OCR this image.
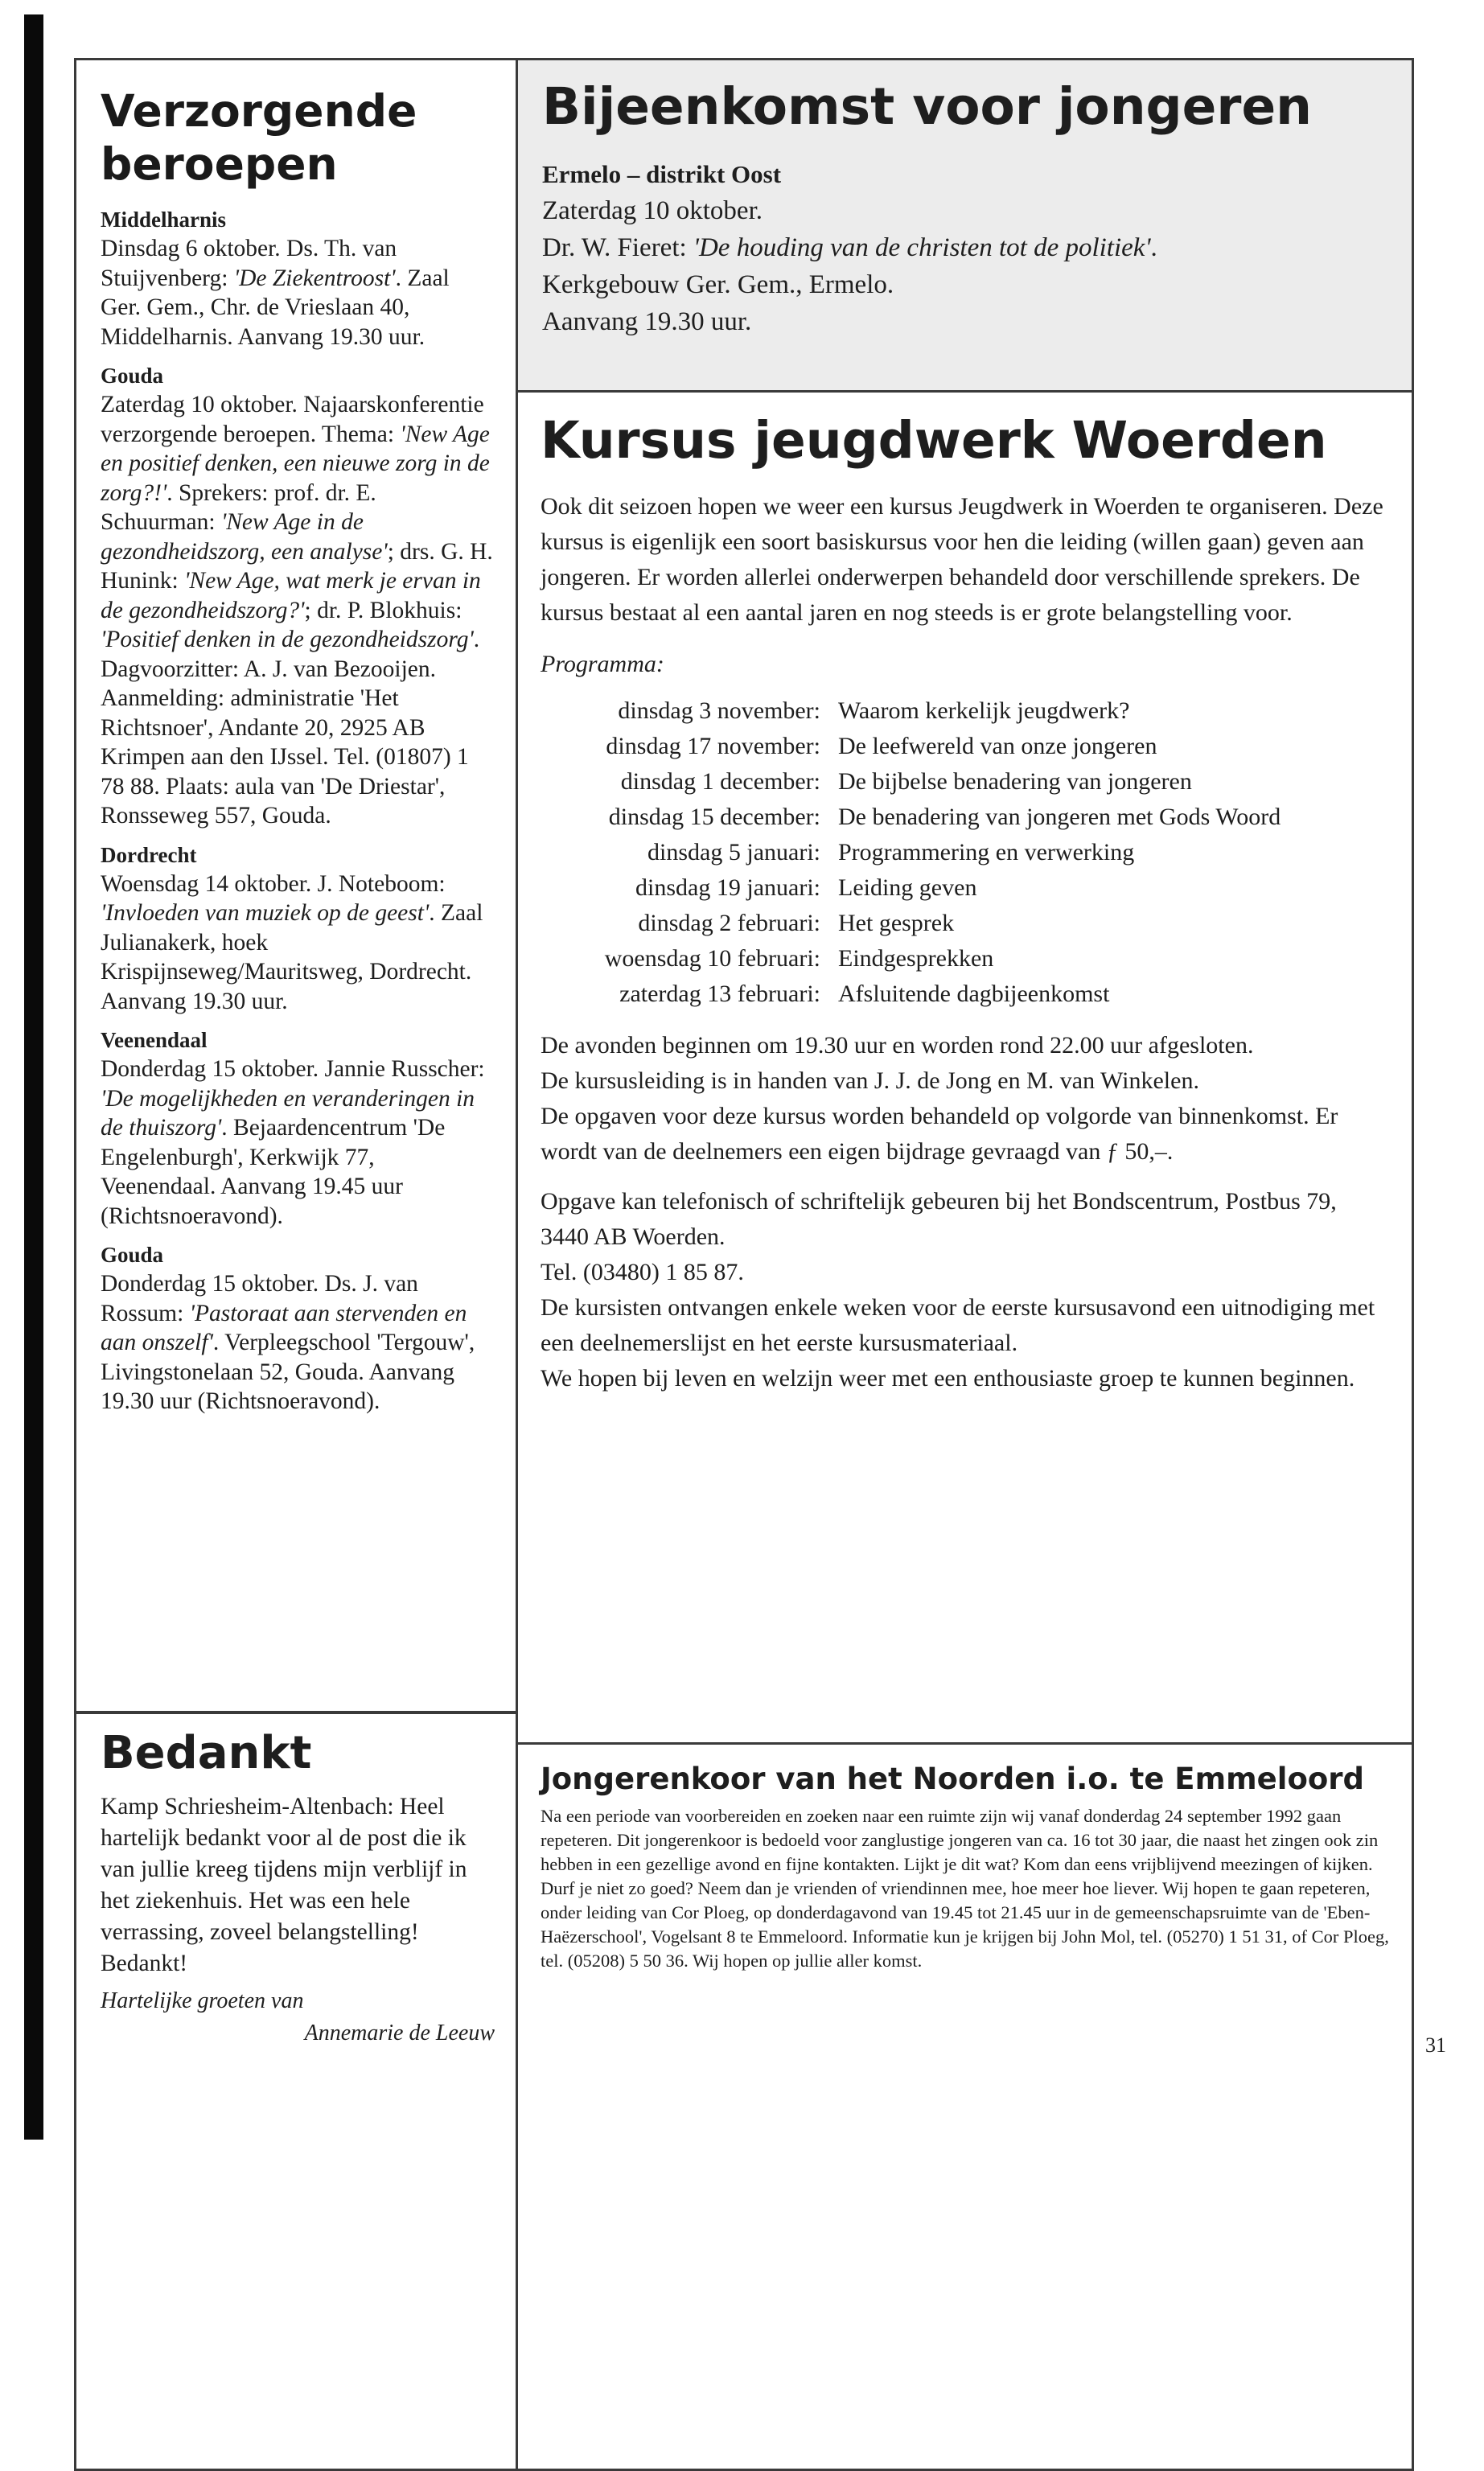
Verzorgende beroepen

Middelharnis

Dinsdag 6 oktober. Ds. Th. van Stuijvenberg: 'De Ziekentroost'. Zaal Ger. Gem., Chr. de Vrieslaan 40, Middelharnis. Aanvang 19.30 uur.

Gouda

Zaterdag 10 oktober. Najaarskonferentie verzorgende beroepen. Thema: 'New Age en positief denken, een nieuwe zorg in de zorg?!'. Sprekers: prof. dr. E. Schuurman: 'New Age in de gezondheidszorg, een analyse'; drs. G. H. Hunink: 'New Age, wat merk je ervan in de gezondheidszorg?'; dr. P. Blokhuis: 'Positief denken in de gezondheidszorg'. Dagvoorzitter: A. J. van Bezooijen. Aanmelding: administratie 'Het Richtsnoer', Andante 20, 2925 AB Krimpen aan den IJssel. Tel. (01807) 1 78 88. Plaats: aula van 'De Driestar', Ronsseweg 557, Gouda.

Dordrecht

Woensdag 14 oktober. J. Noteboom: 'Invloeden van muziek op de geest'. Zaal Julianakerk, hoek Krispijnseweg/Mauritsweg, Dordrecht. Aanvang 19.30 uur.

Veenendaal

Donderdag 15 oktober. Jannie Russcher: 'De mogelijkheden en veranderingen in de thuiszorg'. Bejaardencentrum 'De Engelenburgh', Kerkwijk 77, Veenendaal. Aanvang 19.45 uur (Richtsnoeravond).

Gouda

Donderdag 15 oktober. Ds. J. van Rossum: 'Pastoraat aan stervenden en aan onszelf'. Verpleegschool 'Tergouw', Livingstonelaan 52, Gouda. Aanvang 19.30 uur (Richtsnoeravond).

Bedankt

Kamp Schriesheim-Altenbach: Heel hartelijk bedankt voor al de post die ik van jullie kreeg tijdens mijn verblijf in het ziekenhuis. Het was een hele verrassing, zoveel belangstelling! Bedankt!

Hartelijke groeten van

Annemarie de Leeuw

Bijeenkomst voor jongeren

Ermelo – distrikt Oost

Zaterdag 10 oktober.

Dr. W. Fieret: 'De houding van de christen tot de politiek'.

Kerkgebouw Ger. Gem., Ermelo.

Aanvang 19.30 uur.

Kursus jeugdwerk Woerden

Ook dit seizoen hopen we weer een kursus Jeugdwerk in Woerden te organiseren. Deze kursus is eigenlijk een soort basiskursus voor hen die leiding (willen gaan) geven aan jongeren. Er worden allerlei onderwerpen behandeld door verschillende sprekers. De kursus bestaat al een aantal jaren en nog steeds is er grote belangstelling voor.

Programma:

dinsdag 3 november:	Waarom kerkelijk jeugdwerk?
dinsdag 17 november:	De leefwereld van onze jongeren
dinsdag 1 december:	De bijbelse benadering van jongeren
dinsdag 15 december:	De benadering van jongeren met Gods Woord
dinsdag 5 januari:	Programmering en verwerking
dinsdag 19 januari:	Leiding geven
dinsdag 2 februari:	Het gesprek
woensdag 10 februari:	Eindgesprekken
zaterdag 13 februari:	Afsluitende dagbijeenkomst

De avonden beginnen om 19.30 uur en worden rond 22.00 uur afgesloten.

De kursusleiding is in handen van J. J. de Jong en M. van Winkelen.

De opgaven voor deze kursus worden behandeld op volgorde van binnenkomst. Er wordt van de deelnemers een eigen bijdrage gevraagd van ƒ 50,–.

Opgave kan telefonisch of schriftelijk gebeuren bij het Bondscentrum, Postbus 79, 3440 AB Woerden.

Tel. (03480) 1 85 87.

De kursisten ontvangen enkele weken voor de eerste kursusavond een uitnodiging met een deelnemerslijst en het eerste kursusmateriaal.

We hopen bij leven en welzijn weer met een enthousiaste groep te kunnen beginnen.

Jongerenkoor van het Noorden i.o. te Emmeloord

Na een periode van voorbereiden en zoeken naar een ruimte zijn wij vanaf donderdag 24 september 1992 gaan repeteren. Dit jongerenkoor is bedoeld voor zanglustige jongeren van ca. 16 tot 30 jaar, die naast het zingen ook zin hebben in een gezellige avond en fijne kontakten. Lijkt je dit wat? Kom dan eens vrijblijvend meezingen of kijken. Durf je niet zo goed? Neem dan je vrienden of vriendinnen mee, hoe meer hoe liever. Wij hopen te gaan repeteren, onder leiding van Cor Ploeg, op donderdagavond van 19.45 tot 21.45 uur in de gemeenschapsruimte van de 'Eben-Haëzerschool', Vogelsant 8 te Emmeloord. Informatie kun je krijgen bij John Mol, tel. (05270) 1 51 31, of Cor Ploeg, tel. (05208) 5 50 36. Wij hopen op jullie aller komst.

31
